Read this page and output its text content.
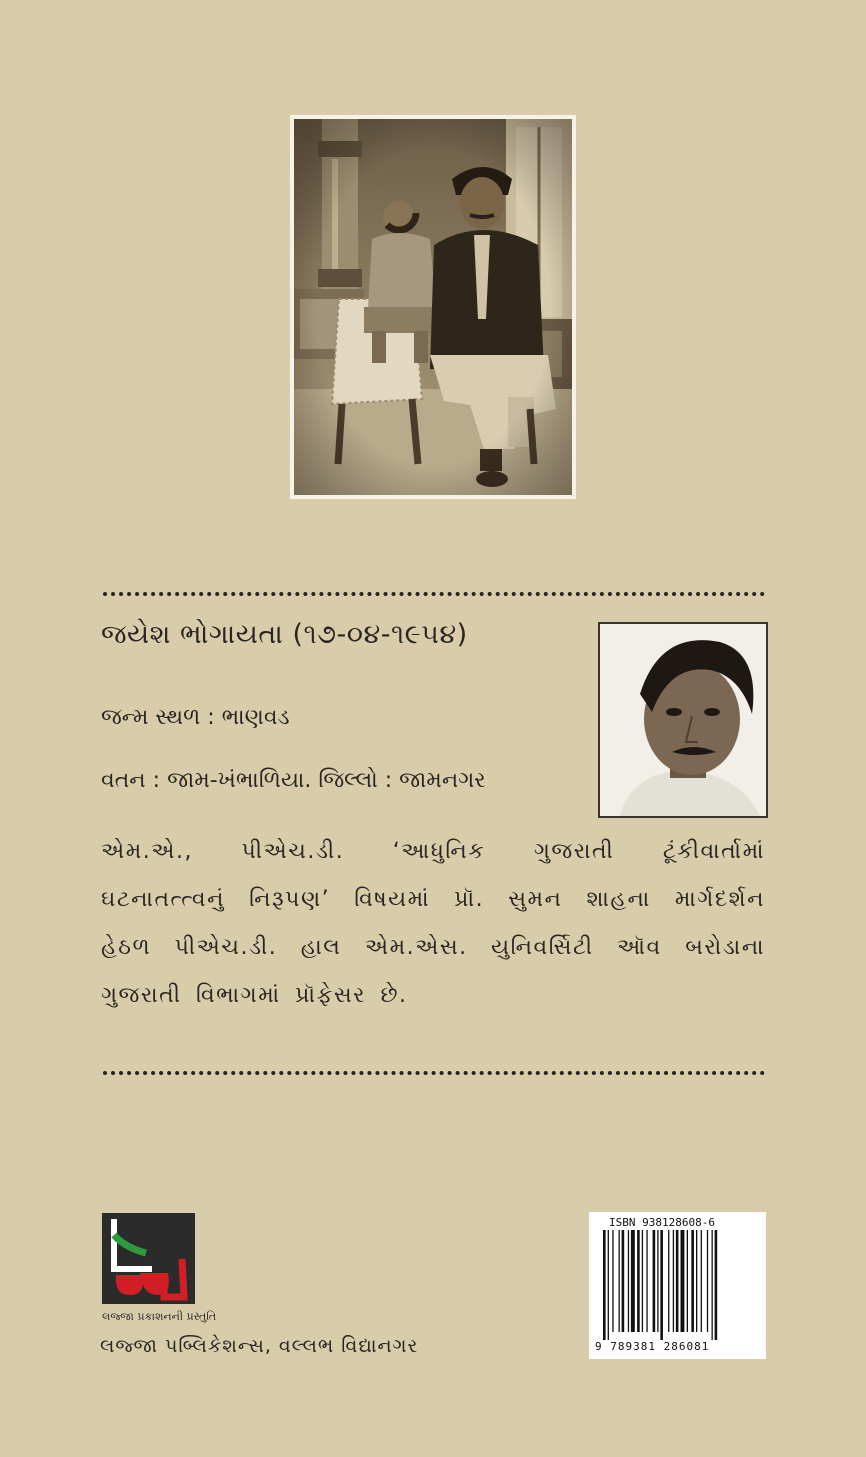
જયેશ ભોગાયતા (૧૭-૦૪-૧૯૫૪)
જન્મ સ્થળ : ભાણવડ
વતન : જામ-ખંભાળિયા. જિલ્લો : જામનગર
એમ.એ., પીએચ.ડી. ‘આધુનિક ગુજરાતી ટૂંકીવાર્તામાં ઘટનાતત્ત્વનું નિરૂપણ’ વિષયમાં પ્રૉ. સુમન શાહના માર્ગદર્શન હેઠળ પીએચ.ડી. હાલ એમ.એસ. યુનિવર્સિટી ઑવ બરોડાના ગુજરાતી વિભાગમાં પ્રૉફેસર છે.
લજ્જા પ્રકાશનની પ્રસ્તુતિ
લજ્જા પબ્લિકેશન્સ, વલ્લભ વિદ્યાનગર
ISBN 938128608-6
9 789381 286081
